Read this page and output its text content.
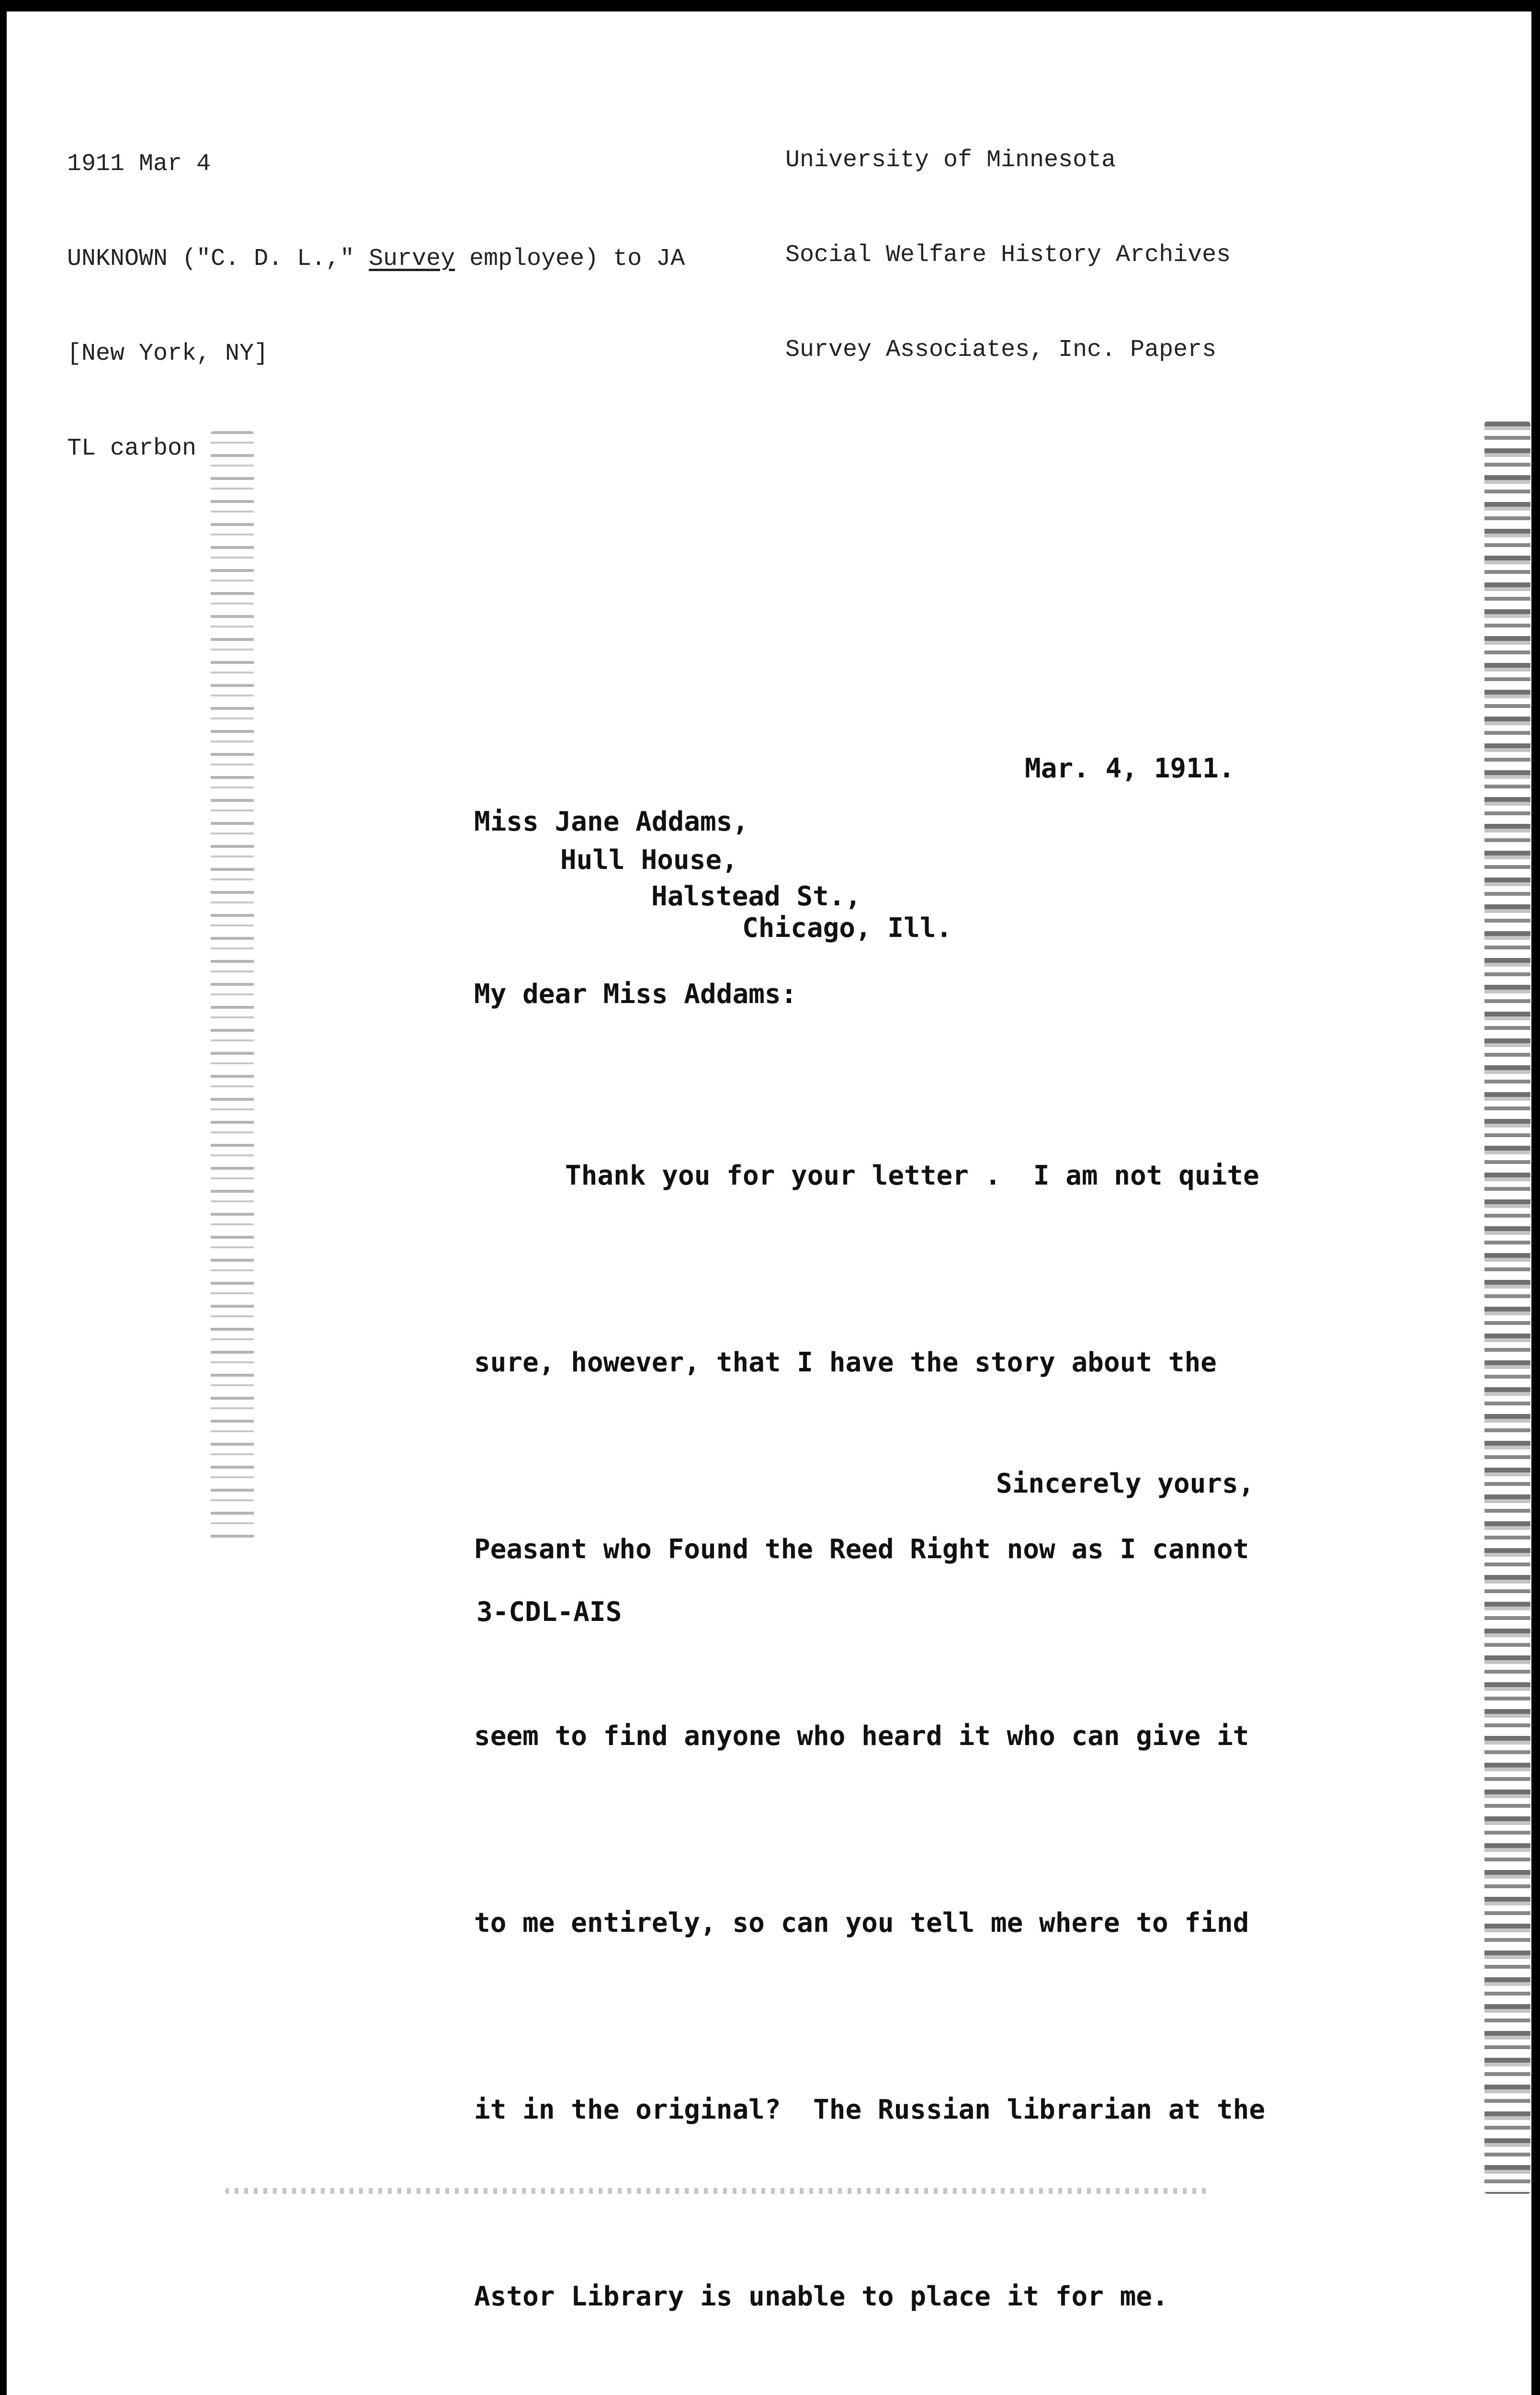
1911 Mar 4

UNKNOWN ("C. D. L.," Survey employee) to JA

[New York, NY]

TL carbon

University of Minnesota

Social Welfare History Archives

Survey Associates, Inc. Papers

Mar. 4, 1911.
Miss Jane Addams,
Hull House,
Halstead St.,
Chicago, Ill.
My dear Miss Addams:

Thank you for your letter .  I am not quite

sure, however, that I have the story about the

Peasant who Found the Reed Right now as I cannot

seem to find anyone who heard it who can give it

to me entirely, so can you tell me where to find

it in the original?  The Russian librarian at the

Astor Library is unable to place it for me.

Sincerely yours,
3-CDL-AIS
